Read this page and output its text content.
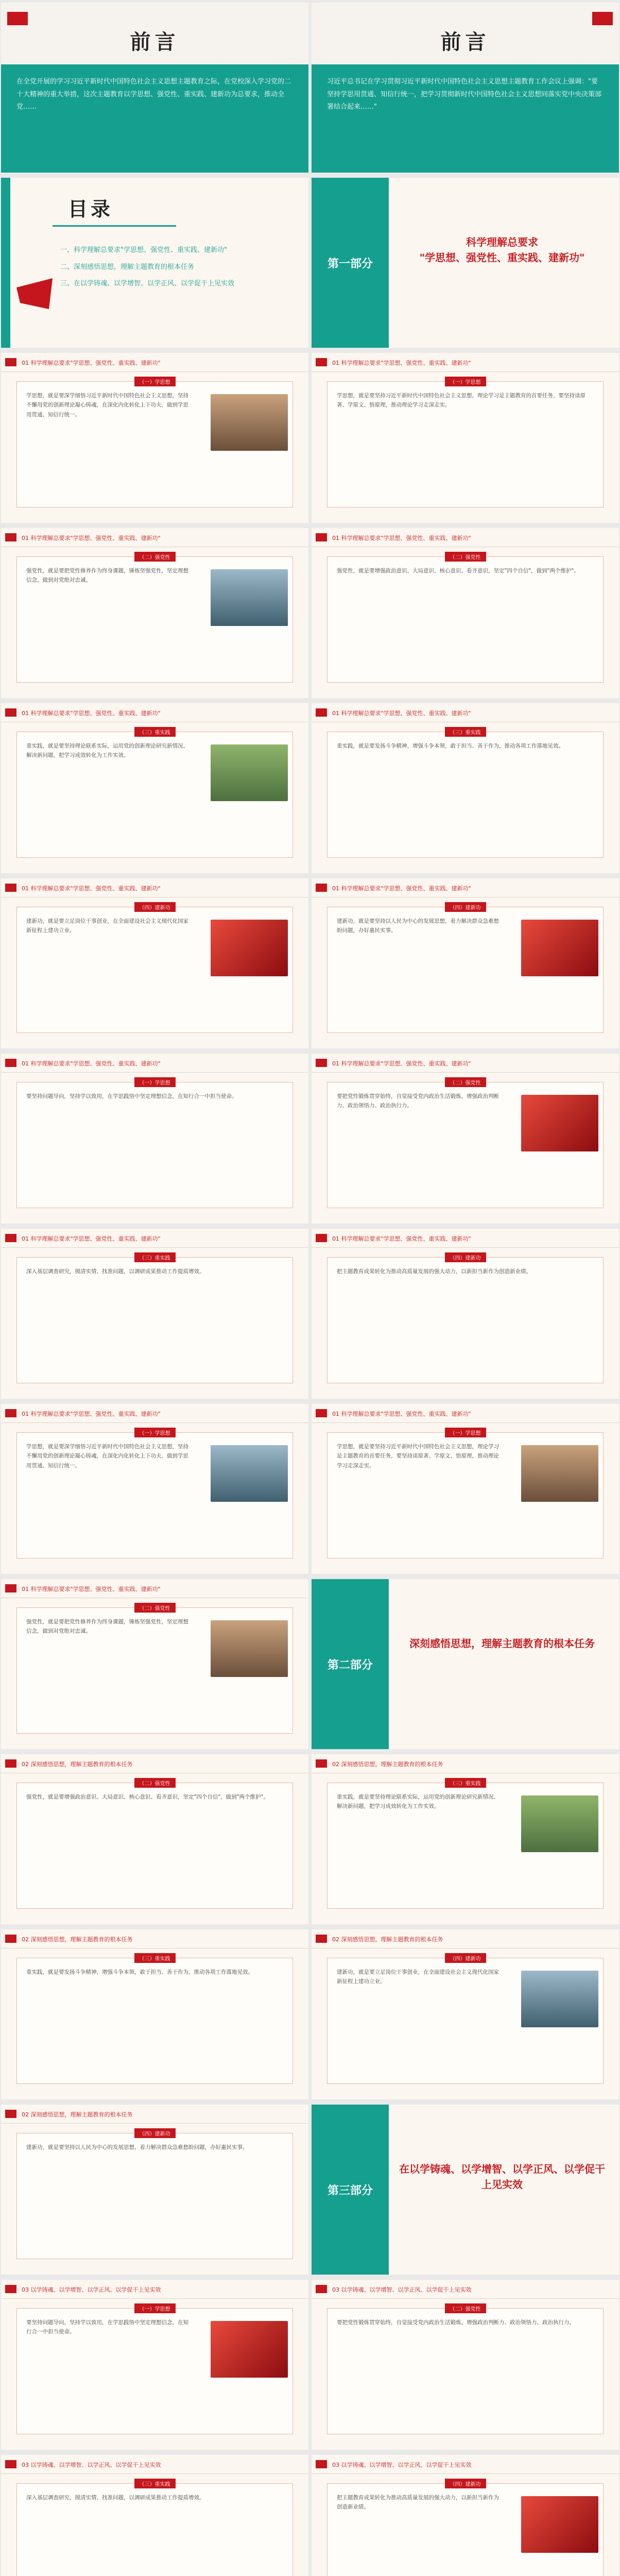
前言

在全党开展的学习习近平新时代中国特色社会主义思想主题教育之际，在党校深入学习党的二十大精神的重大举措，这次主题教育以学思想、强党性、重实践、建新功为总要求，推动全党……

前言

习近平总书记在学习贯彻习近平新时代中国特色社会主义思想主题教育工作会议上强调："要坚持学思用贯通、知信行统一，把学习贯彻新时代中国特色社会主义思想同落实党中央决策部署结合起来……"

目录
一、科学理解总要求"学思想、强党性、重实践、建新功"
二、深刻感悟思想，理解主题教育的根本任务
三、在以学铸魂、以学增智、以学正风、以学促干上见实效
第一部分
科学理解总要求
"学思想、强党性、重实践、建新功"
01 科学理解总要求"学思想、强党性、重实践、建新功"
（一）学思想
学思想，就是要深学细悟习近平新时代中国特色社会主义思想，坚持不懈用党的创新理论凝心铸魂，在深化内化转化上下功夫，做到学思用贯通、知信行统一。
01 科学理解总要求"学思想、强党性、重实践、建新功"
（一）学思想
学思想，就是要坚持习近平新时代中国特色社会主义思想，理论学习是主题教育的首要任务，要坚持读原著、学原文、悟原理，推动理论学习走深走实。
01 科学理解总要求"学思想、强党性、重实践、建新功"
（二）强党性
强党性，就是要把党性修养作为终身课题，锤炼坚强党性，坚定理想信念，做到对党绝对忠诚。
01 科学理解总要求"学思想、强党性、重实践、建新功"
（二）强党性
强党性，就是要增强政治意识、大局意识、核心意识、看齐意识，坚定"四个自信"，做到"两个维护"。
01 科学理解总要求"学思想、强党性、重实践、建新功"
（三）重实践
重实践，就是要坚持理论联系实际，运用党的创新理论研究新情况、解决新问题，把学习成效转化为工作实效。
01 科学理解总要求"学思想、强党性、重实践、建新功"
（三）重实践
重实践，就是要发扬斗争精神，增强斗争本领，敢于担当、善于作为，推动各项工作落地见效。
01 科学理解总要求"学思想、强党性、重实践、建新功"
（四）建新功
建新功，就是要立足岗位干事创业，在全面建设社会主义现代化国家新征程上建功立业。
01 科学理解总要求"学思想、强党性、重实践、建新功"
（四）建新功
建新功，就是要坚持以人民为中心的发展思想，着力解决群众急难愁盼问题，办好惠民实事。
01 科学理解总要求"学思想、强党性、重实践、建新功"
（一）学思想
要坚持问题导向，坚持学以致用，在学思践悟中坚定理想信念，在知行合一中担当使命。
01 科学理解总要求"学思想、强党性、重实践、建新功"
（二）强党性
要把党性锻炼贯穿始终，自觉接受党内政治生活锻炼，增强政治判断力、政治领悟力、政治执行力。
01 科学理解总要求"学思想、强党性、重实践、建新功"
（三）重实践
深入基层调查研究，摸清实情、找准问题，以调研成果推动工作提质增效。
01 科学理解总要求"学思想、强党性、重实践、建新功"
（四）建新功
把主题教育成果转化为推动高质量发展的强大动力，以新担当新作为创造新业绩。
01 科学理解总要求"学思想、强党性、重实践、建新功"
（一）学思想
学思想，就是要深学细悟习近平新时代中国特色社会主义思想，坚持不懈用党的创新理论凝心铸魂，在深化内化转化上下功夫，做到学思用贯通、知信行统一。
01 科学理解总要求"学思想、强党性、重实践、建新功"
（一）学思想
学思想，就是要坚持习近平新时代中国特色社会主义思想，理论学习是主题教育的首要任务，要坚持读原著、学原文、悟原理，推动理论学习走深走实。
01 科学理解总要求"学思想、强党性、重实践、建新功"
（二）强党性
强党性，就是要把党性修养作为终身课题，锤炼坚强党性，坚定理想信念，做到对党绝对忠诚。
第二部分
深刻感悟思想，理解主题教育的根本任务
02 深刻感悟思想，理解主题教育的根本任务
（二）强党性
强党性，就是要增强政治意识、大局意识、核心意识、看齐意识，坚定"四个自信"，做到"两个维护"。
02 深刻感悟思想，理解主题教育的根本任务
（三）重实践
重实践，就是要坚持理论联系实际，运用党的创新理论研究新情况、解决新问题，把学习成效转化为工作实效。
02 深刻感悟思想，理解主题教育的根本任务
（三）重实践
重实践，就是要发扬斗争精神，增强斗争本领，敢于担当、善于作为，推动各项工作落地见效。
02 深刻感悟思想，理解主题教育的根本任务
（四）建新功
建新功，就是要立足岗位干事创业，在全面建设社会主义现代化国家新征程上建功立业。
02 深刻感悟思想，理解主题教育的根本任务
（四）建新功
建新功，就是要坚持以人民为中心的发展思想，着力解决群众急难愁盼问题，办好惠民实事。
第三部分
在以学铸魂、以学增智、以学正风、以学促干上见实效
03 以学铸魂、以学增智、以学正风、以学促干上见实效
（一）学思想
要坚持问题导向，坚持学以致用，在学思践悟中坚定理想信念，在知行合一中担当使命。
03 以学铸魂、以学增智、以学正风、以学促干上见实效
（二）强党性
要把党性锻炼贯穿始终，自觉接受党内政治生活锻炼，增强政治判断力、政治领悟力、政治执行力。
03 以学铸魂、以学增智、以学正风、以学促干上见实效
（三）重实践
深入基层调查研究，摸清实情、找准问题，以调研成果推动工作提质增效。
03 以学铸魂、以学增智、以学正风、以学促干上见实效
（四）建新功
把主题教育成果转化为推动高质量发展的强大动力，以新担当新作为创造新业绩。
